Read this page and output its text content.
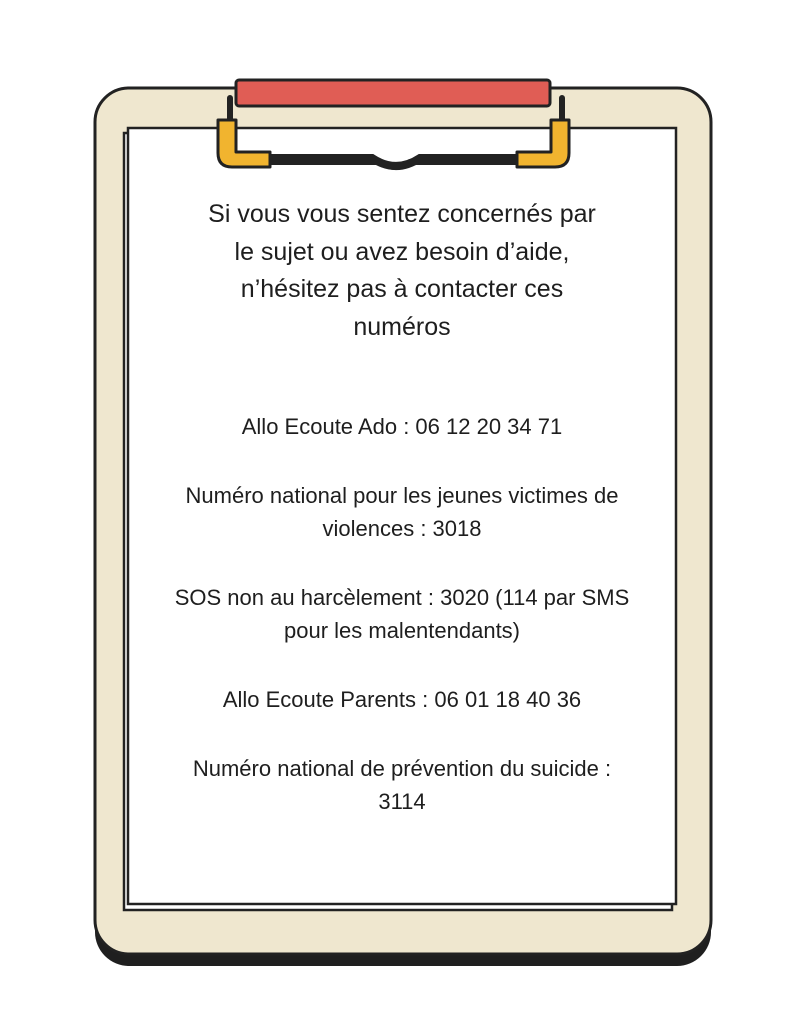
Si vous vous sentez concernés par le sujet ou avez besoin d’aide, n’hésitez pas à contacter ces numéros
Allo Ecoute Ado : 06 12 20 34 71
Numéro national pour les jeunes victimes de violences : 3018
SOS non au harcèlement : 3020 (114 par SMS pour les malentendants)
Allo Ecoute Parents : 06 01 18 40 36
Numéro national de prévention du suicide : 3114
